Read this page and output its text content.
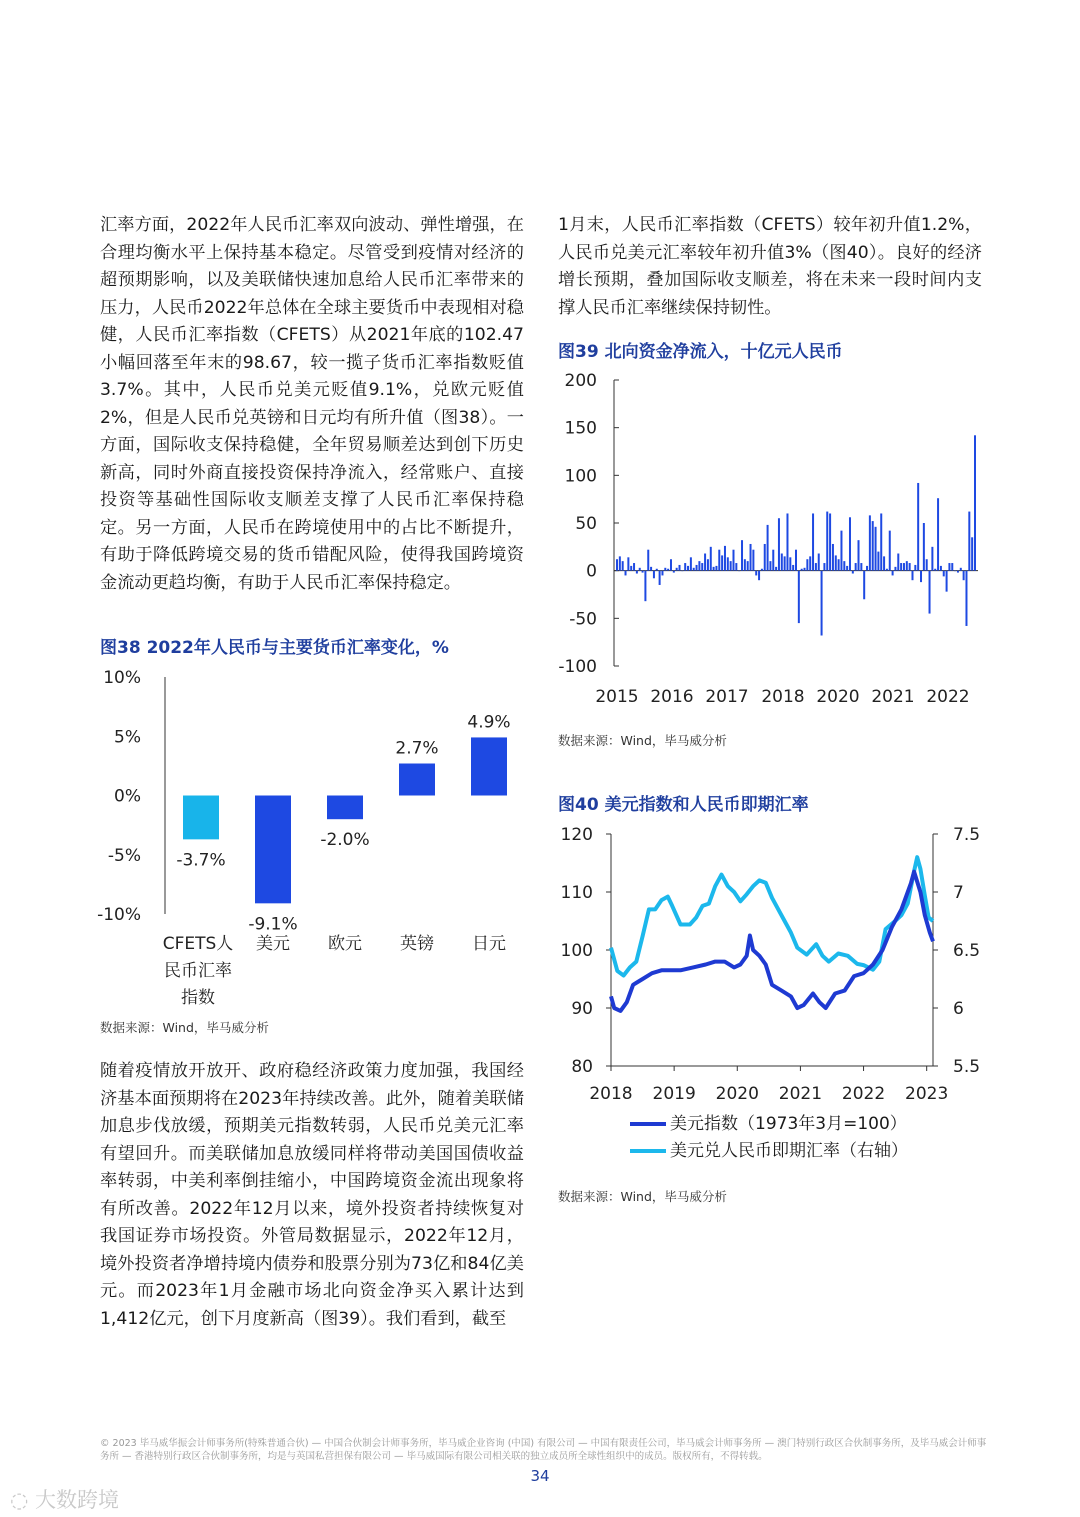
汇率方面，2022年人民币汇率双向波动、弹性增强，在合理均衡水平上保持基本稳定。尽管受到疫情对经济的超预期影响，以及美联储快速加息给人民币汇率带来的压力，人民币2022年总体在全球主要货币中表现相对稳健，人民币汇率指数（CFETS）从2021年底的102.47小幅回落至年末的98.67，较一揽子货币汇率指数贬值3.7%。其中，人民币兑美元贬值9.1%，兑欧元贬值2%，但是人民币兑英镑和日元均有所升值（图38）。一方面，国际收支保持稳健，全年贸易顺差达到创下历史新高，同时外商直接投资保持净流入，经常账户、直接投资等基础性国际收支顺差支撑了人民币汇率保持稳定。另一方面，人民币在跨境使用中的占比不断提升，有助于降低跨境交易的货币错配风险，使得我国跨境资金流动更趋均衡，有助于人民币汇率保持稳定。

图38 2022年人民币与主要货币汇率变化，%

10%
5%
0%
-5%
-10%
-3.7%
CFETS人
民币汇率
指数
-9.1%
美元
-2.0%
欧元
2.7%
英镑
4.9%
日元

数据来源：Wind，毕马威分析

随着疫情放开放开、政府稳经济政策力度加强，我国经济基本面预期将在2023年持续改善。此外，随着美联储加息步伐放缓，预期美元指数转弱，人民币兑美元汇率有望回升。而美联储加息放缓同样将带动美国国债收益率转弱，中美利率倒挂缩小，中国跨境资金流出现象将有所改善。2022年12月以来，境外投资者持续恢复对我国证券市场投资。外管局数据显示，2022年12月，境外投资者净增持境内债券和股票分别为73亿和84亿美元。而2023年1月金融市场北向资金净买入累计达到1,412亿元，创下月度新高（图39）。我们看到，截至

1月末，人民币汇率指数（CFETS）较年初升值1.2%，人民币兑美元汇率较年初升值3%（图40）。良好的经济增长预期，叠加国际收支顺差，将在未来一段时间内支撑人民币汇率继续保持韧性。

图39 北向资金净流入，十亿元人民币

200
150
100
50
0
-50
-100
2015 2016 2017 2018 2020 2021 2022

数据来源：Wind，毕马威分析

图40 美元指数和人民币即期汇率

120
110
100
90
80
7.5
7
6.5
6
5.5
2018 2019 2020 2021 2022 2023
美元指数（1973年3月=100）
美元兑人民币即期汇率（右轴）

数据来源：Wind，毕马威分析

© 2023 毕马威华振会计师事务所(特殊普通合伙) — 中国合伙制会计师事务所，毕马威企业咨询 (中国) 有限公司 — 中国有限责任公司，毕马威会计师事务所 — 澳门特别行政区合伙制事务所，及毕马威会计师事务所 — 香港特别行政区合伙制事务所，均是与英国私营担保有限公司 — 毕马威国际有限公司相关联的独立成员所全球性组织中的成员。版权所有，不得转载。

34
◌ 大数跨境
